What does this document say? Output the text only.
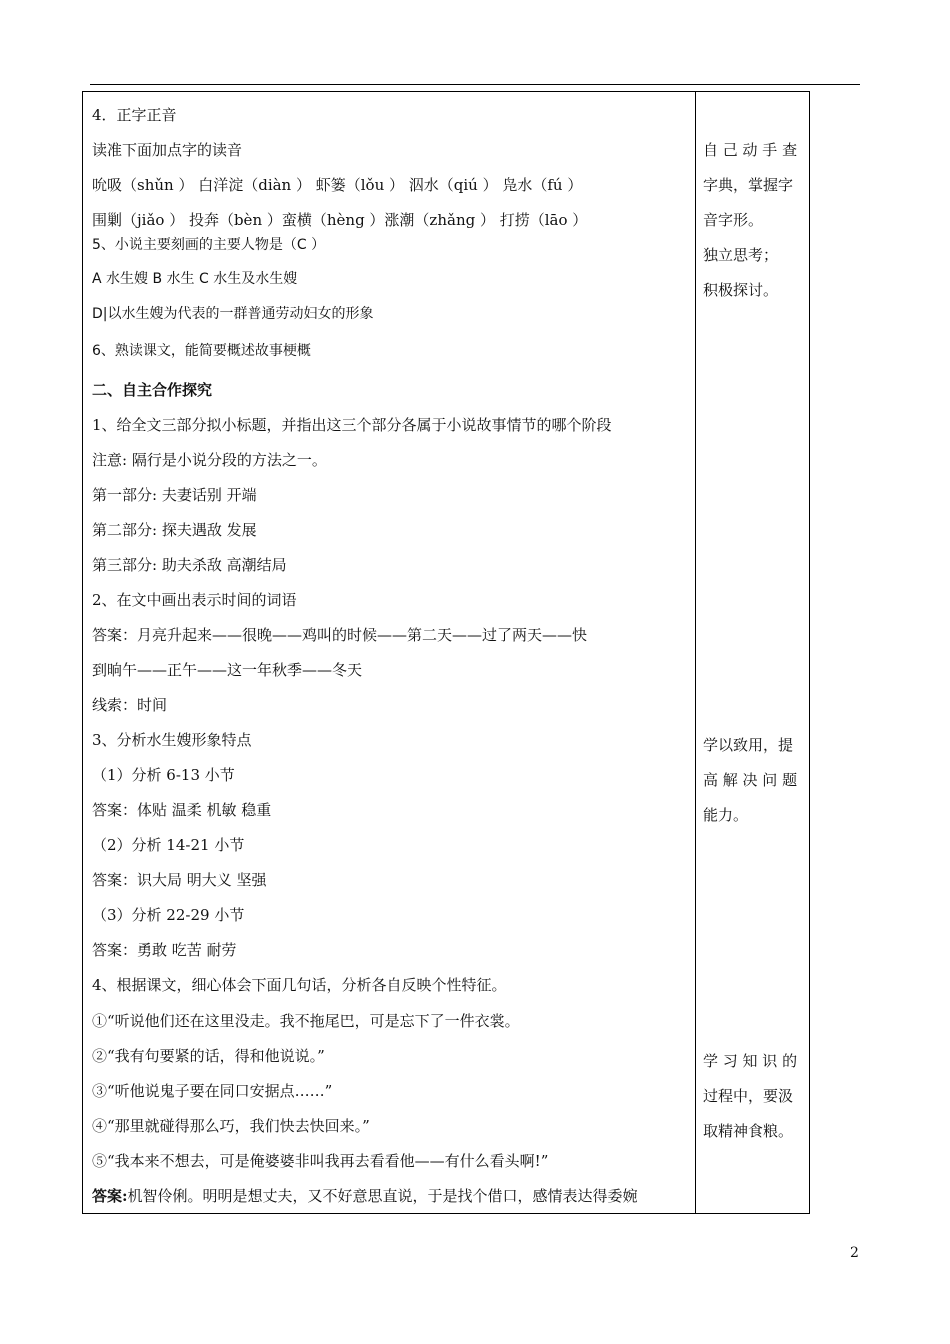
4．正字正音
读准下面加点字的读音
吮吸（shǔn ） 白洋淀（diàn ） 虾篓（lǒu ） 泅水（qiú ） 凫水（fú ）
围剿（jiǎo ） 投奔（bèn ）蛮横（hèng ）涨潮（zhǎng ） 打捞（lāo ）
5、小说主要刻画的主要人物是（C ）
A 水生嫂 B 水生 C 水生及水生嫂
D|以水生嫂为代表的一群普通劳动妇女的形象
6、熟读课文，能简要概述故事梗概
二、自主合作探究
1、给全文三部分拟小标题，并指出这三个部分各属于小说故事情节的哪个阶段
注意: 隔行是小说分段的方法之一。
第一部分: 夫妻话别 开端
第二部分: 探夫遇敌 发展
第三部分: 助夫杀敌 高潮结局
2、在文中画出表示时间的词语
答案：月亮升起来——很晚——鸡叫的时候——第二天——过了两天——快
到晌午——正午——这一年秋季——冬天
线索：时间
3、分析水生嫂形象特点
（1）分析 6-13 小节
答案：体贴 温柔 机敏 稳重
（2）分析 14-21 小节
答案：识大局 明大义 坚强
（3）分析 22-29 小节
答案：勇敢 吃苦 耐劳
4、根据课文，细心体会下面几句话，分析各自反映个性特征。
①“听说他们还在这里没走。我不拖尾巴，可是忘下了一件衣裳。
②“我有句要紧的话，得和他说说。”
③“听他说鬼子要在同口安据点……”
④“那里就碰得那么巧，我们快去快回来。”
⑤“我本来不想去，可是俺婆婆非叫我再去看看他——有什么看头啊!”
答案:机智伶俐。明明是想丈夫，又不好意思直说，于是找个借口，感情表达得委婉
自 己 动 手 查
字典，掌握字
音字形。
独立思考；
积极探讨。
学以致用，提
高 解 决 问 题
能力。
学 习 知 识 的
过程中，要汲
取精神食粮。
2
